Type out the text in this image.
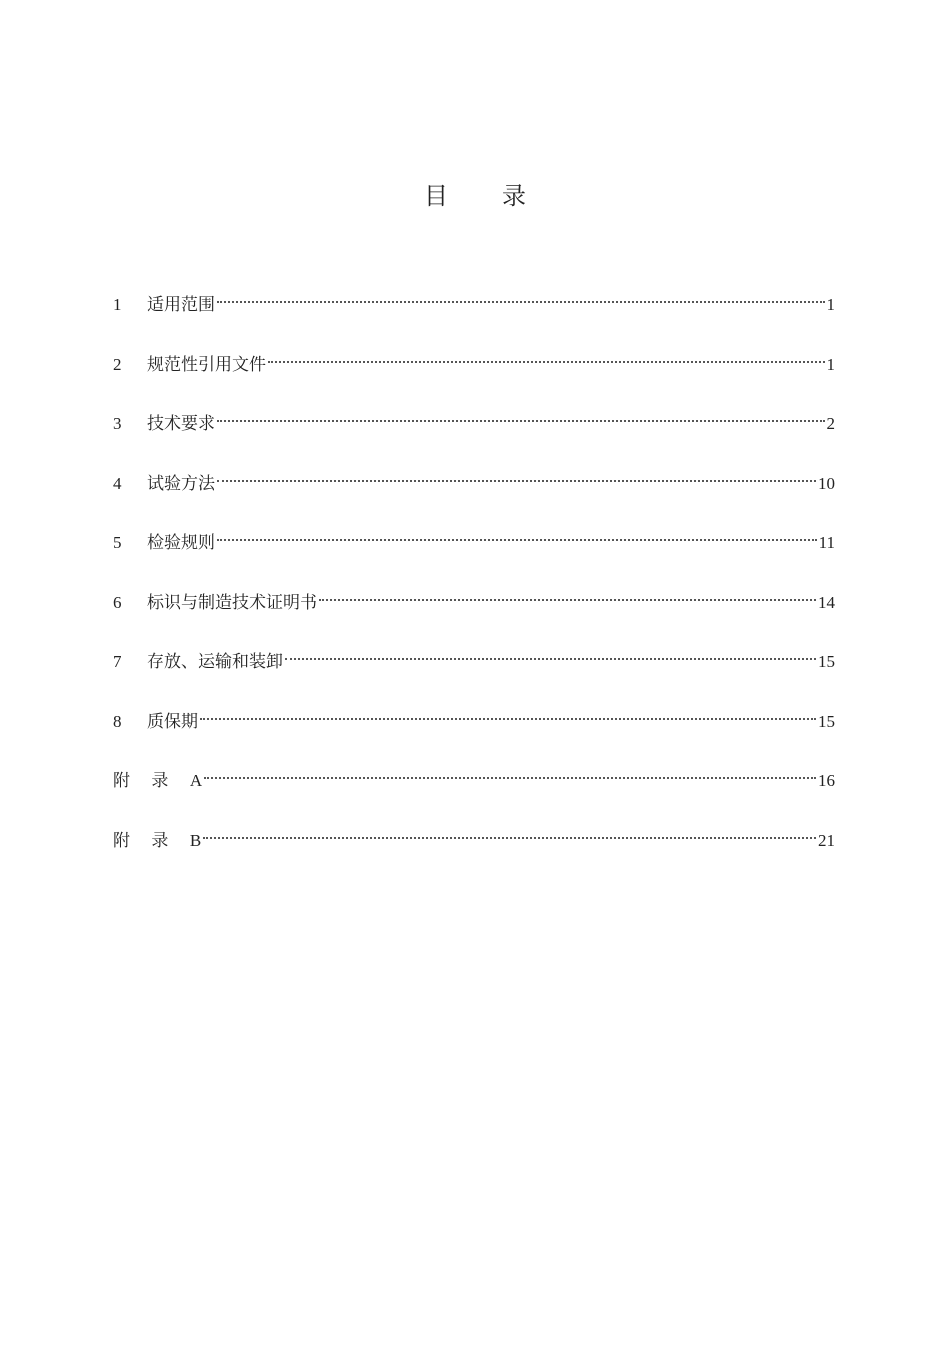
目 录
1	适用范围	1
2	规范性引用文件	1
3	技术要求	2
4	试验方法	10
5	检验规则	11
6	标识与制造技术证明书	14
7	存放、运输和装卸	15
8	质保期	15
附 录 A	16
附 录 B	21
